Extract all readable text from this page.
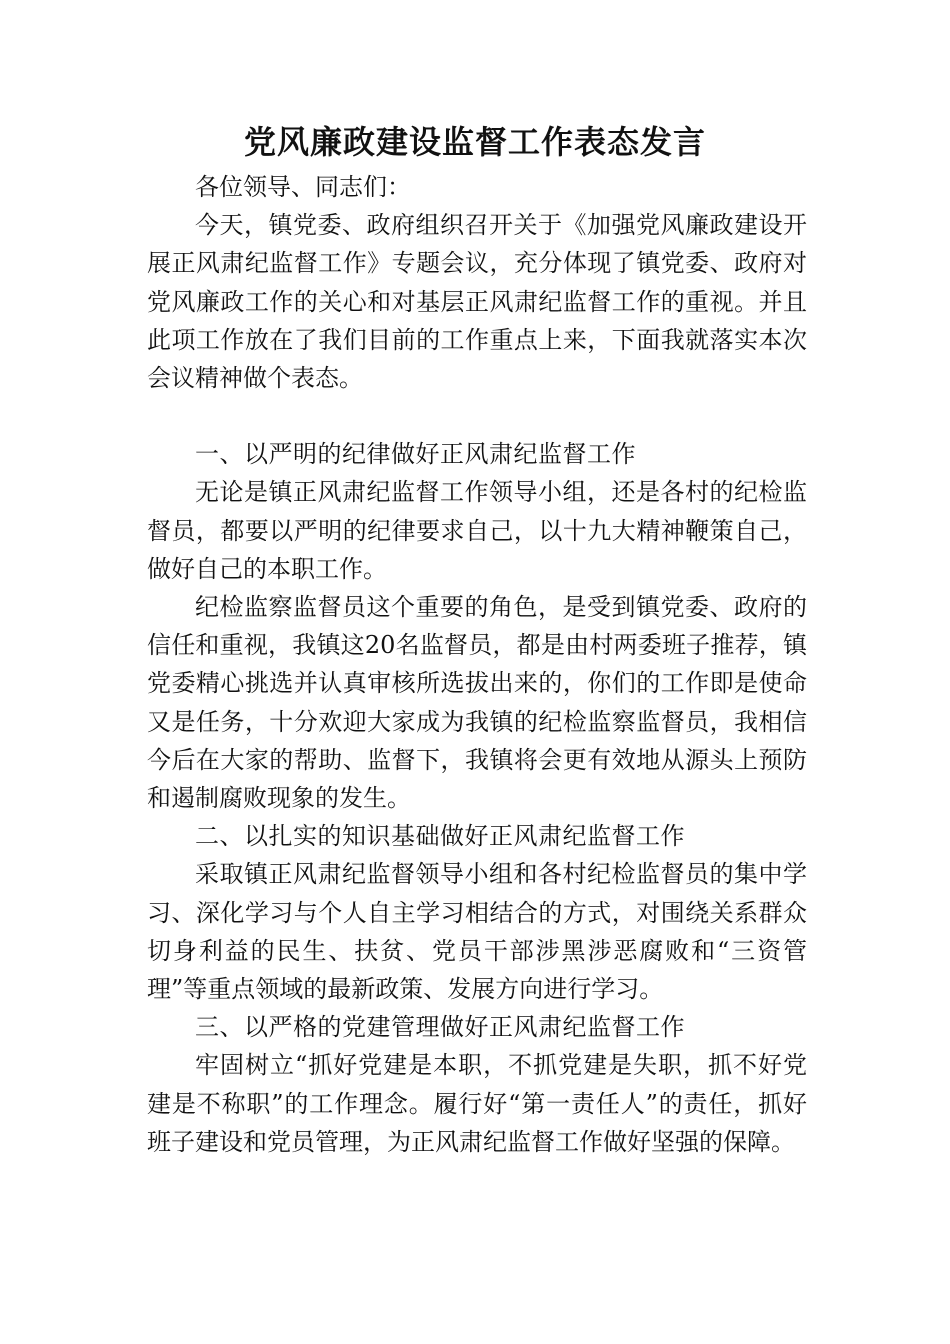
党风廉政建设监督工作表态发言

各位领导、同志们：

今天，镇党委、政府组织召开关于《加强党风廉政建设开展正风肃纪监督工作》专题会议，充分体现了镇党委、政府对党风廉政工作的关心和对基层正风肃纪监督工作的重视。并且此项工作放在了我们目前的工作重点上来，下面我就落实本次会议精神做个表态。

一、以严明的纪律做好正风肃纪监督工作

无论是镇正风肃纪监督工作领导小组，还是各村的纪检监督员，都要以严明的纪律要求自己，以十九大精神鞭策自己，做好自己的本职工作。

纪检监察监督员这个重要的角色，是受到镇党委、政府的信任和重视，我镇这20名监督员，都是由村两委班子推荐，镇党委精心挑选并认真审核所选拔出来的，你们的工作即是使命又是任务，十分欢迎大家成为我镇的纪检监察监督员，我相信今后在大家的帮助、监督下，我镇将会更有效地从源头上预防和遏制腐败现象的发生。

二、以扎实的知识基础做好正风肃纪监督工作

采取镇正风肃纪监督领导小组和各村纪检监督员的集中学习、深化学习与个人自主学习相结合的方式，对围绕关系群众切身利益的民生、扶贫、党员干部涉黑涉恶腐败和“三资管理”等重点领域的最新政策、发展方向进行学习。

三、以严格的党建管理做好正风肃纪监督工作

牢固树立“抓好党建是本职，不抓党建是失职，抓不好党建是不称职”的工作理念。履行好“第一责任人”的责任，抓好班子建设和党员管理，为正风肃纪监督工作做好坚强的保障。
